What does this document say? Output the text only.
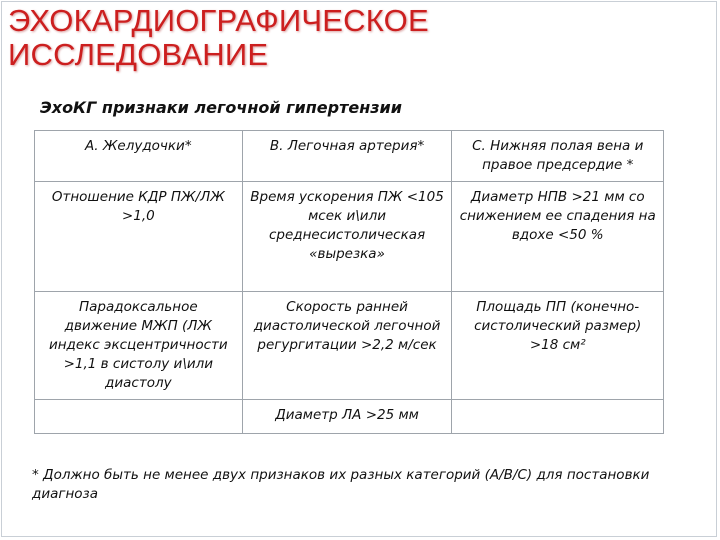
ЭХОКАРДИОГРАФИЧЕСКОЕ
ИССЛЕДОВАНИЕ
ЭхоКГ признаки легочной гипертензии
А. Желудочки*	В. Легочная артерия*	С. Нижняя полая вена и правое предсердие *
Отношение КДР ПЖ/ЛЖ >1,0	Время ускорения ПЖ <105 мсек и\или среднесистолическая «вырезка»	Диаметр НПВ >21 мм со снижением ее спадения на вдохе <50 %
Парадоксальное движение МЖП (ЛЖ индекс эксцентричности >1,1 в систолу и\или диастолу	Скорость ранней диастолической легочной регургитации >2,2 м/сек	Площадь ПП (конечно-систолический размер) >18 см²
	Диаметр ЛА >25 мм	
* Должно быть не менее двух признаков их разных категорий (А/В/С) для постановки диагноза
